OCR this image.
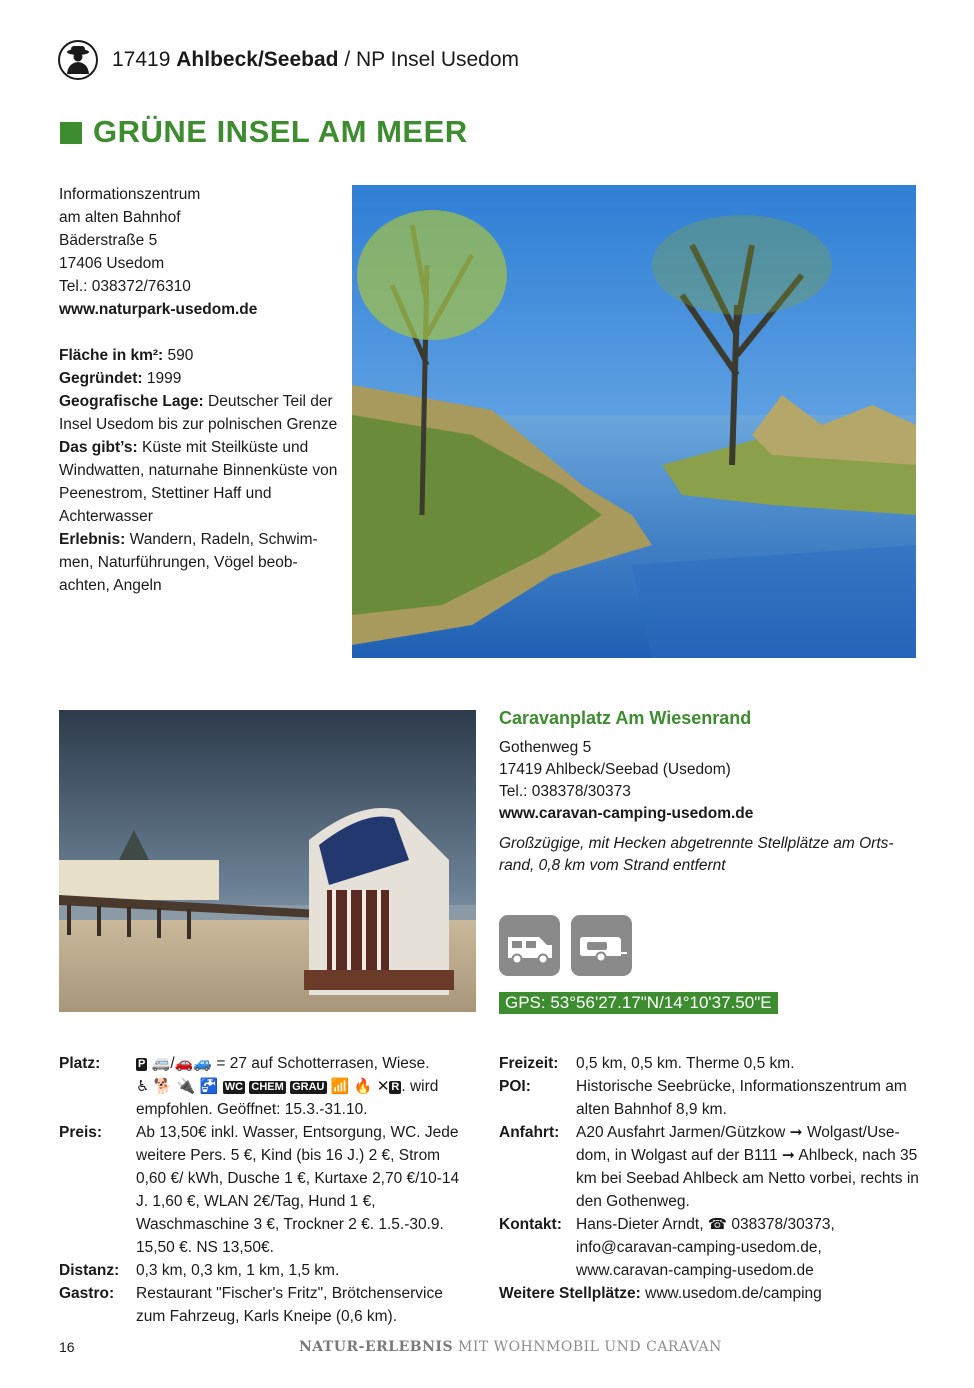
17419 Ahlbeck/Seebad / NP Insel Usedom
GRÜNE INSEL AM MEER
Informationszentrum
am alten Bahnhof
Bäderstraße 5
17406 Usedom
Tel.: 038372/76310
www.naturpark-usedom.de
Fläche in km²: 590
Gegründet: 1999
Geografische Lage: Deutscher Teil der Insel Usedom bis zur polnischen Grenze
Das gibt’s: Küste mit Steilküste und Windwatten, naturnahe Binnenküste von Peenestrom, Stettiner Haff und Achterwasser
Erlebnis: Wandern, Radeln, Schwim-men, Naturführungen, Vögel beob-achten, Angeln
Caravanplatz Am Wiesenrand
Gothenweg 5
17419 Ahlbeck/Seebad (Usedom)
Tel.: 038378/30373
www.caravan-camping-usedom.de
Großzügige, mit Hecken abgetrennte Stellplätze am Orts-rand, 0,8 km vom Strand entfernt
GPS: 53°56'27.17"N/14°10'37.50"E
Platz:	P 🚐/🚗🚙 = 27 auf Schotterrasen, Wiese.
♿ 🐕 🔌 🚰 WC CHEM GRAU 📶 🔥 ✕ R . wird empfohlen. Geöffnet: 15.3.-31.10.
Preis:	Ab 13,50€ inkl. Wasser, Entsorgung, WC. Jede weitere Pers. 5 €, Kind (bis 16 J.) 2 €, Strom 0,60 €/ kWh, Dusche 1 €, Kurtaxe 2,70 €/10-14 J. 1,60 €, WLAN 2€/Tag, Hund 1 €, Waschmaschine 3 €, Trockner 2 €. 1.5.-30.9. 15,50 €. NS 13,50€.
Distanz:	0,3 km, 0,3 km, 1 km, 1,5 km.
Gastro:	Restaurant "Fischer's Fritz", Brötchenservice zum Fahrzeug, Karls Kneipe (0,6 km).
Freizeit:	0,5 km, 0,5 km. Therme 0,5 km.
POI:	Historische Seebrücke, Informationszentrum am alten Bahnhof 8,9 km.
Anfahrt:	A20 Ausfahrt Jarmen/Gützkow ➞ Wolgast/Use-dom, in Wolgast auf der B111 ➞ Ahlbeck, nach 35 km bei Seebad Ahlbeck am Netto vorbei, rechts in den Gothenweg.
Kontakt: Hans-Dieter Arndt, ☎ 038378/30373, info@caravan-camping-usedom.de, www.caravan-camping-usedom.de
Weitere Stellplätze: www.usedom.de/camping
16	NATUR-ERLEBNIS MIT WOHNMOBIL UND CARAVAN
